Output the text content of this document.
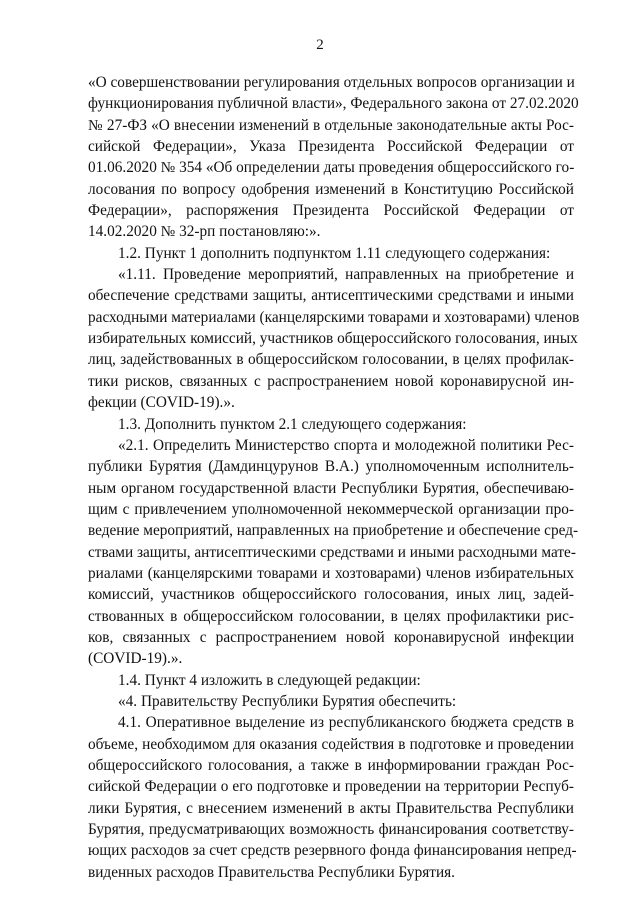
2
«О совершенствовании регулирования отдельных вопросов организации и
функционирования публичной власти», Федерального закона от 27.02.2020
№ 27-ФЗ «О внесении изменений в отдельные законодательные акты Рос-
сийской Федерации», Указа Президента Российской Федерации от
01.06.2020 № 354 «Об определении даты проведения общероссийского го-
лосования по вопросу одобрения изменений в Конституцию Российской
Федерации», распоряжения Президента Российской Федерации от
14.02.2020 № 32-рп постановляю:».
1.2. Пункт 1 дополнить подпунктом 1.11 следующего содержания:
«1.11. Проведение мероприятий, направленных на приобретение и
обеспечение средствами защиты, антисептическими средствами и иными
расходными материалами (канцелярскими товарами и хозтоварами) членов
избирательных комиссий, участников общероссийского голосования, иных
лиц, задействованных в общероссийском голосовании, в целях профилак-
тики рисков, связанных с распространением новой коронавирусной ин-
фекции (COVID-19).».
1.3. Дополнить пунктом 2.1 следующего содержания:
«2.1. Определить Министерство спорта и молодежной политики Рес-
публики Бурятия (Дамдинцурунов В.А.) уполномоченным исполнитель-
ным органом государственной власти Республики Бурятия, обеспечиваю-
щим с привлечением уполномоченной некоммерческой организации про-
ведение мероприятий, направленных на приобретение и обеспечение сред-
ствами защиты, антисептическими средствами и иными расходными мате-
риалами (канцелярскими товарами и хозтоварами) членов избирательных
комиссий, участников общероссийского голосования, иных лиц, задей-
ствованных в общероссийском голосовании, в целях профилактики рис-
ков, связанных с распространением новой коронавирусной инфекции
(COVID-19).».
1.4. Пункт 4 изложить в следующей редакции:
«4. Правительству Республики Бурятия обеспечить:
4.1. Оперативное выделение из республиканского бюджета средств в
объеме, необходимом для оказания содействия в подготовке и проведении
общероссийского голосования, а также в информировании граждан Рос-
сийской Федерации о его подготовке и проведении на территории Респуб-
лики Бурятия, с внесением изменений в акты Правительства Республики
Бурятия, предусматривающих возможность финансирования соответству-
ющих расходов за счет средств резервного фонда финансирования непред-
виденных расходов Правительства Республики Бурятия.
